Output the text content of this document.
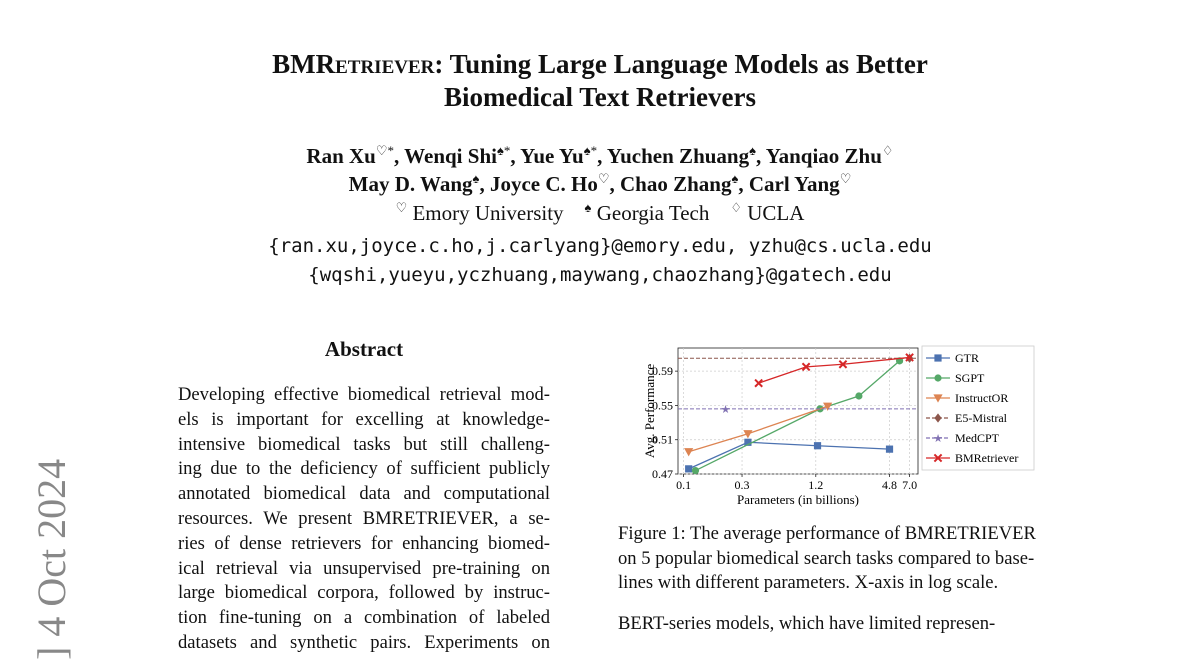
BMRetriever: Tuning Large Language Models as Better
Biomedical Text Retrievers
Ran Xu♡*, Wenqi Shi♠*, Yue Yu♠*, Yuchen Zhuang♠, Yanqiao Zhu♢
May D. Wang♠, Joyce C. Ho♡, Chao Zhang♠, Carl Yang♡
♡ Emory University ♠ Georgia Tech ♢ UCLA
{ran.xu,joyce.c.ho,j.carlyang}@emory.edu, yzhu@cs.ucla.edu
{wqshi,yueyu,yczhuang,maywang,chaozhang}@gatech.edu
] 4 Oct 2024
Abstract
Developing effective biomedical retrieval mod-
els is important for excelling at knowledge-
intensive biomedical tasks but still challeng-
ing due to the deficiency of sufficient publicly
annotated biomedical data and computational
resources. We present BMRETRIEVER, a se-
ries of dense retrievers for enhancing biomed-
ical retrieval via unsupervised pre-training on
large biomedical corpora, followed by instruc-
tion fine-tuning on a combination of labeled
datasets and synthetic pairs. Experiments on
0.47
0.51
0.55
0.59
0.1	0.3	1.2	4.8 7.0
Parameters (in billions)
Avg. Performance	★
GTR
SGPT
InstructOR
E5-Mistral
★ MedCPT
BMRetriever
Figure 1: The average performance of BMRETRIEVER
on 5 popular biomedical search tasks compared to base-
lines with different parameters. X-axis in log scale.
BERT-series models, which have limited represen-
